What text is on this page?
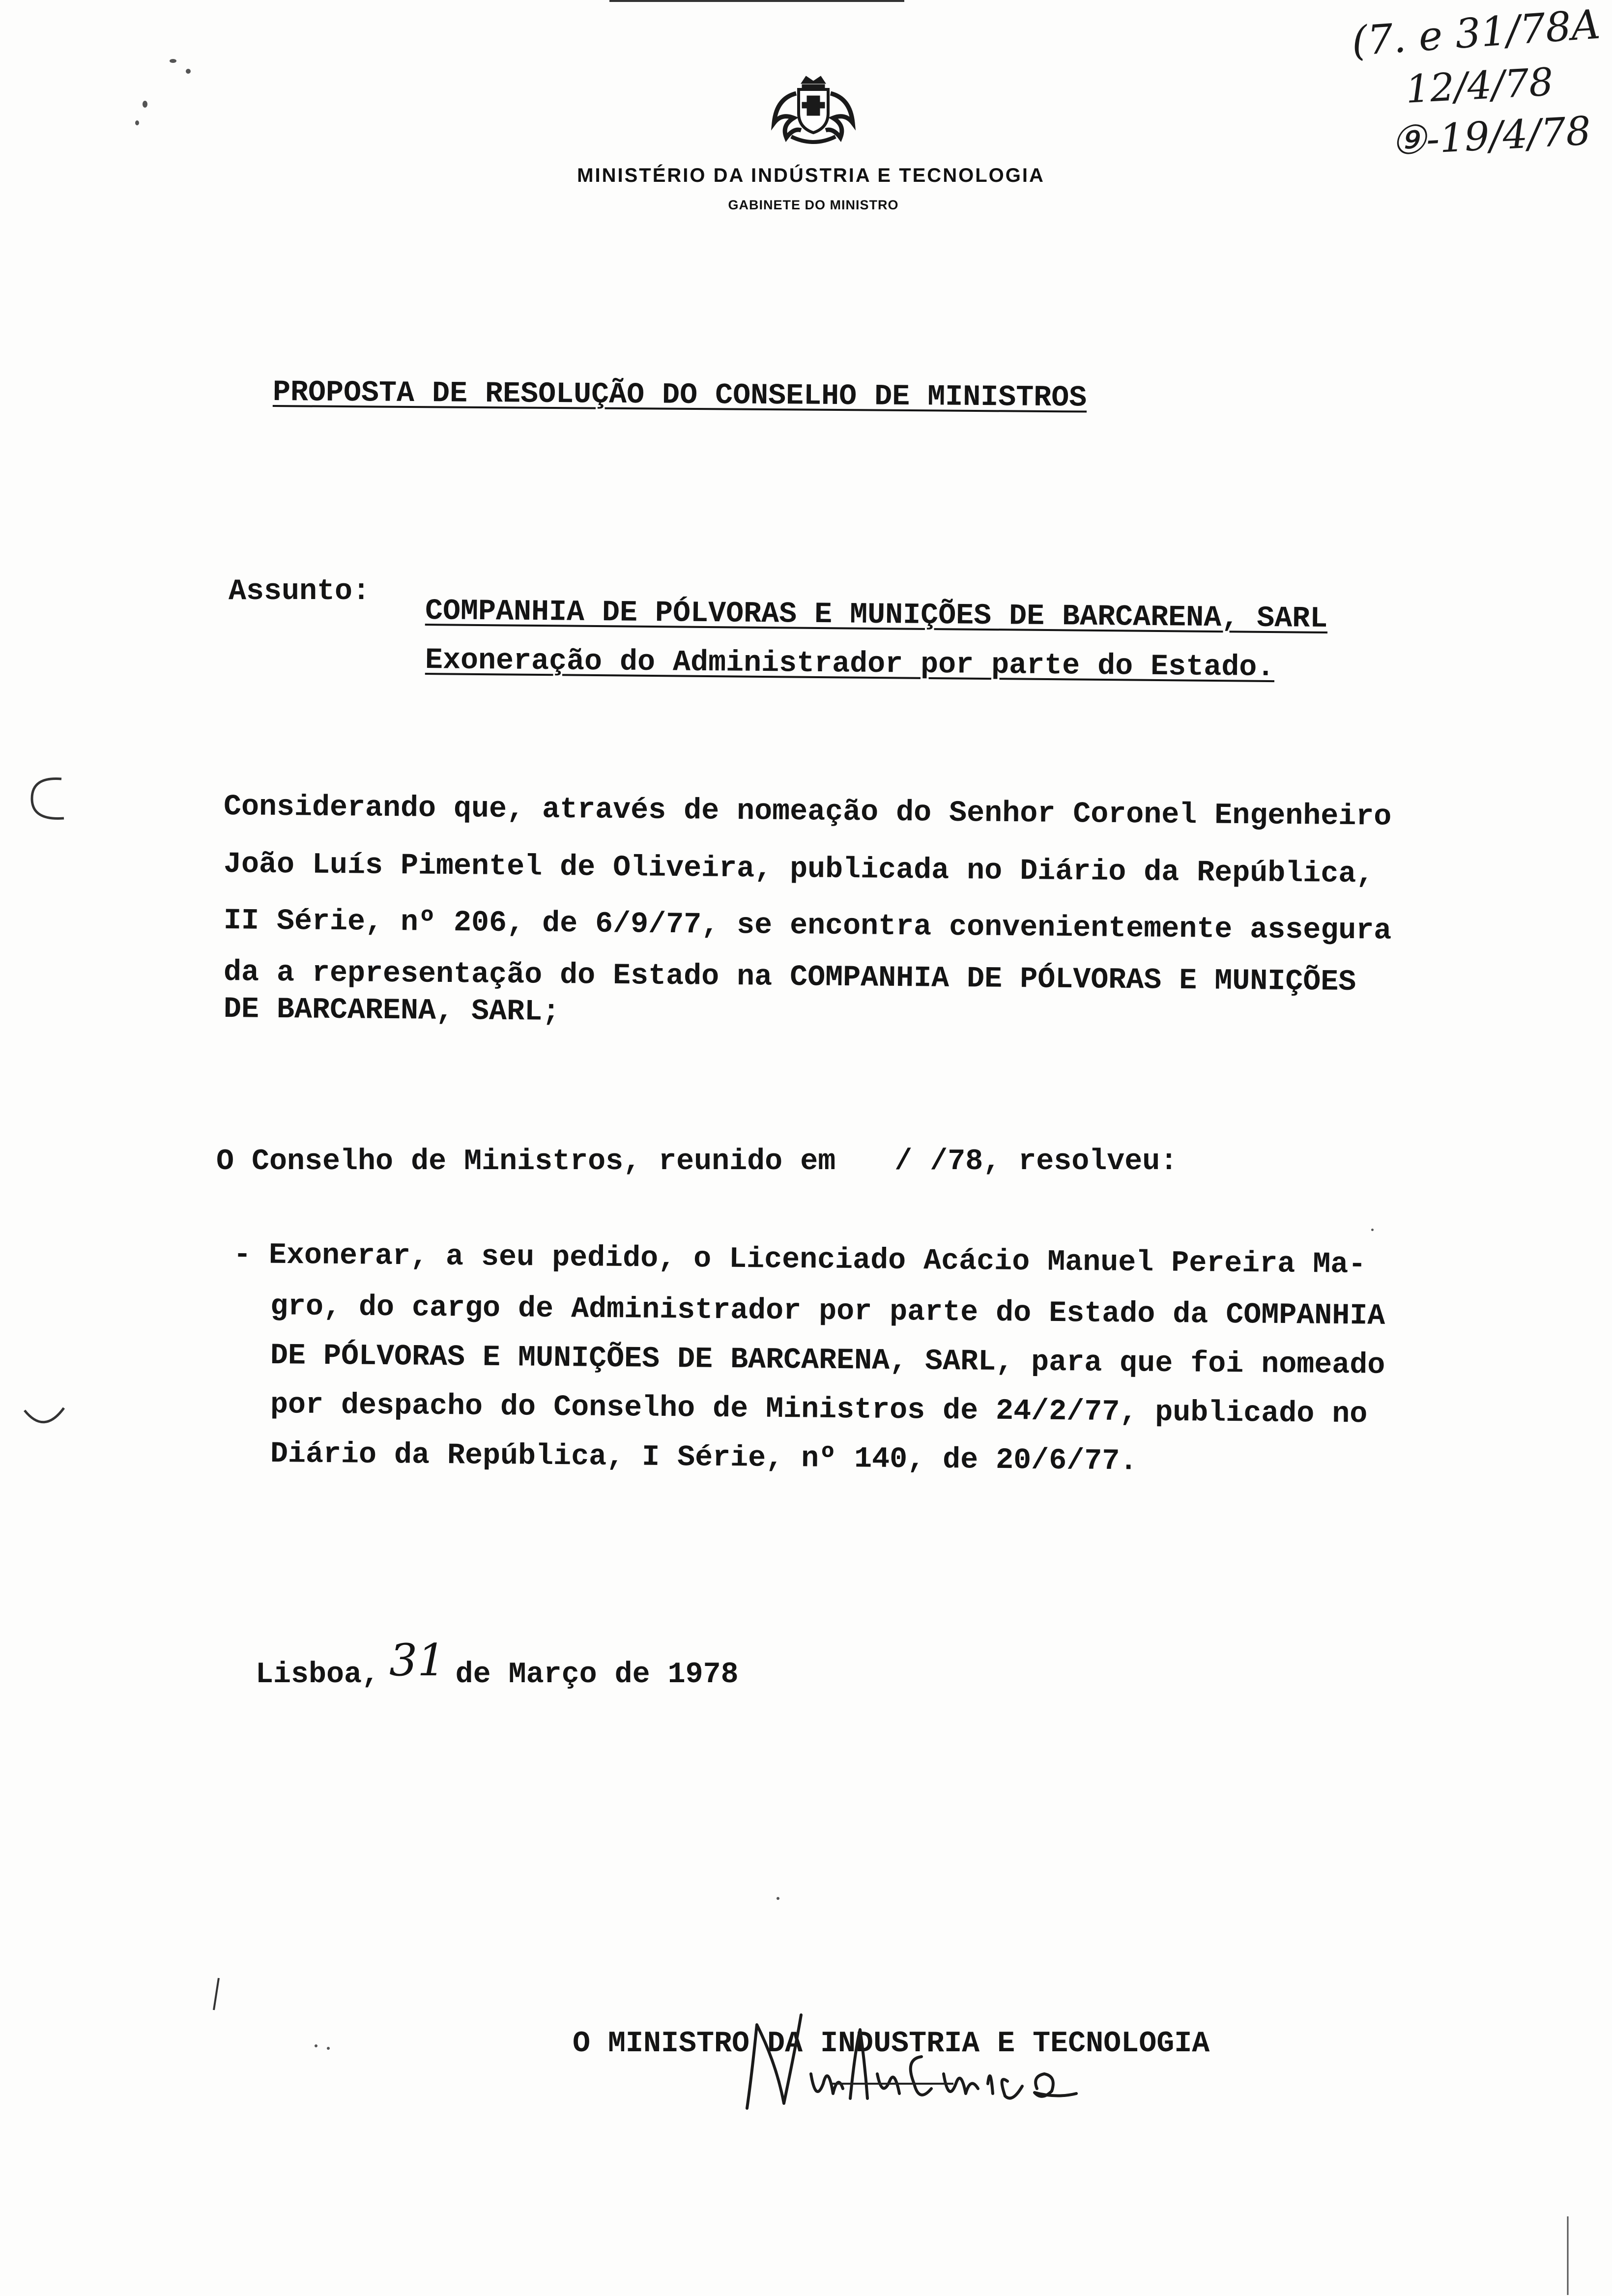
MINISTÉRIO DA INDÚSTRIA E TECNOLOGIA
GABINETE DO MINISTRO
(7. e 31/78A
12/4/78
⑨-19/4/78
PROPOSTA DE RESOLUÇÃO DO CONSELHO DE MINISTROS
Assunto:
COMPANHIA DE PÓLVORAS E MUNIÇÕES DE BARCARENA, SARL
Exoneração do Administrador por parte do Estado.
Considerando que, através de nomeação do Senhor Coronel Engenheiro
João Luís Pimentel de Oliveira, publicada no Diário da República,
II Série, nº 206, de 6/9/77, se encontra convenientemente assegura
da a representação do Estado na COMPANHIA DE PÓLVORAS E MUNIÇÕES
DE BARCARENA, SARL;
O Conselho de Ministros, reunido em / /78, resolveu:
- Exonerar, a seu pedido, o Licenciado Acácio Manuel Pereira Ma-
gro, do cargo de Administrador por parte do Estado da COMPANHIA
DE PÓLVORAS E MUNIÇÕES DE BARCARENA, SARL, para que foi nomeado
por despacho do Conselho de Ministros de 24/2/77, publicado no
Diário da República, I Série, nº 140, de 20/6/77.
Lisboa, 31 de Março de 1978
O MINISTRO DA INDUSTRIA E TECNOLOGIA
